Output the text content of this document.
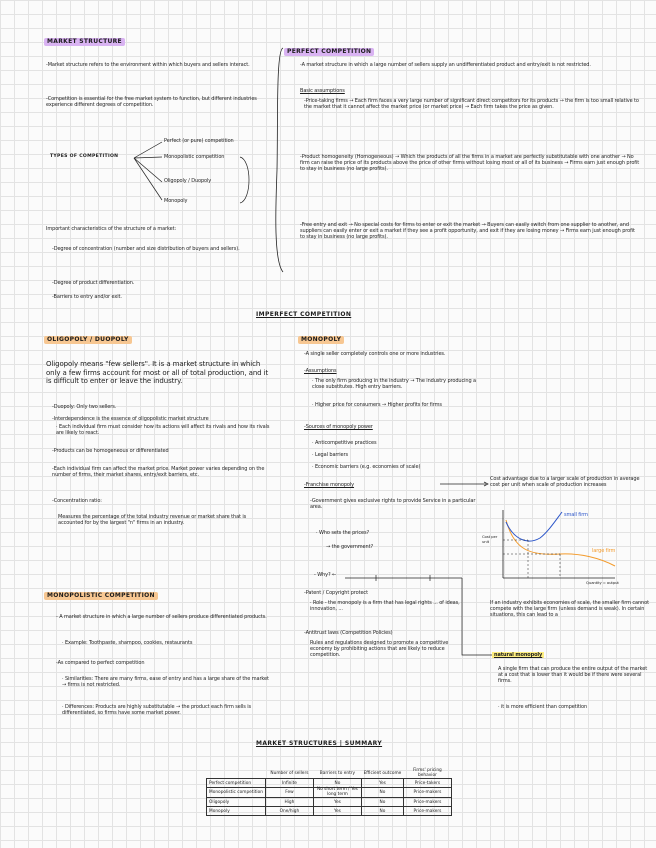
MARKET STRUCTURE
-Market structure refers to the environment within which buyers and sellers interact.
-Competition is essential for the free market system to function, but different industries experience different degrees of competition.
TYPES OF COMPETITION
Perfect (or pure) competition
Monopolistic competition
Oligopoly / Duopoly
Monopoly
Important characteristics of the structure of a market:
-Degree of concentration (number and size distribution of buyers and sellers).
-Degree of product differentiation.
-Barriers to entry and/or exit.
PERFECT COMPETITION
-A market structure in which a large number of sellers supply an undifferentiated product and entry/exit is not restricted.
Basic assumptions
-Price-taking firms → Each firm faces a very large number of significant direct competitors for its products → the firm is too small relative to the market that it cannot affect the market price (or market price) → Each firm takes the price as given.
-Product homogeneity (Homogeneous) → Which the products of all the firms in a market are perfectly substitutable with one another → No firm can raise the price of its products above the price of other firms without losing most or all of its business → Firms earn just enough profit to stay in business (no large profits).
-Free entry and exit → No special costs for firms to enter or exit the market → Buyers can easily switch from one supplier to another, and suppliers can easily enter or exit a market if they see a profit opportunity, and exit if they are losing money → Firms earn just enough profit to stay in business (no large profits).
IMPERFECT COMPETITION
OLIGOPOLY / DUOPOLY
Oligopoly means "few sellers". It is a market structure in which only a few firms account for most or all of total production, and it is difficult to enter or leave the industry.
-Duopoly: Only two sellers.
-Interdependence is the essence of oligopolistic market structure
· Each individual firm must consider how its actions will affect its rivals and how its rivals are likely to react.
-Products can be homogeneous or differentiated
-Each individual firm can affect the market price. Market power varies depending on the number of firms, their market shares, entry/exit barriers, etc.
-Concentration ratio:
Measures the percentage of the total industry revenue or market share that is accounted for by the largest "n" firms in an industry.
MONOPOLISTIC COMPETITION
- A market structure in which a large number of sellers produce differentiated products.
· Example: Toothpaste, shampoo, cookies, restaurants
-As compared to perfect competition
· Similarities: There are many firms, ease of entry and has a large share of the market → firms is not restricted.
· Differences: Products are highly substitutable → the product each firm sells is differentiated, so firms have some market power.
MONOPOLY
-A single seller completely controls one or more industries.
-Assumptions
· The only firm producing in the industry → The industry producing a close substitutes. High entry barriers.
· Higher price for consumers → Higher profits for firms
-Sources of monopoly power
· Anticompetitive practices
· Legal barriers
· Economic barriers (e.g. economies of scale)
-Franchise monopoly
-Government gives exclusive rights to provide Service in a particular area.
· Who sets the prices?
→ the government?
- Why? ←
-Patent / Copyright protect
· Role - the monopoly is a firm that has legal rights ... of ideas, innovation, ...
-Antitrust laws (Competition Policies)
Rules and regulations designed to promote a competitive economy by prohibiting actions that are likely to reduce competition.
Cost advantage due to a larger scale of production in average cost per unit when scale of production increases
small firm
large firm
Cost per unit
Quantity = output
If an industry exhibits economies of scale, the smaller firm cannot compete with the large firm (unless demand is weak). In certain situations, this can lead to a
natural monopoly
A single firm that can produce the entire output of the market at a cost that is lower than it would be if there were several firms.
· it is more efficient than competition
MARKET STRUCTURES | SUMMARY
	Number of sellers	Barriers to entry	Efficient outcome	Firms' pricing behavior
Perfect competition	Infinite	No	Yes	Price-takers
Monopolistic competition	Few	No short term / Yes long term	No	Price-makers
Oligopoly	High	Yes	No	Price-makers
Monopoly	One/high	Yes	No	Price-makers
